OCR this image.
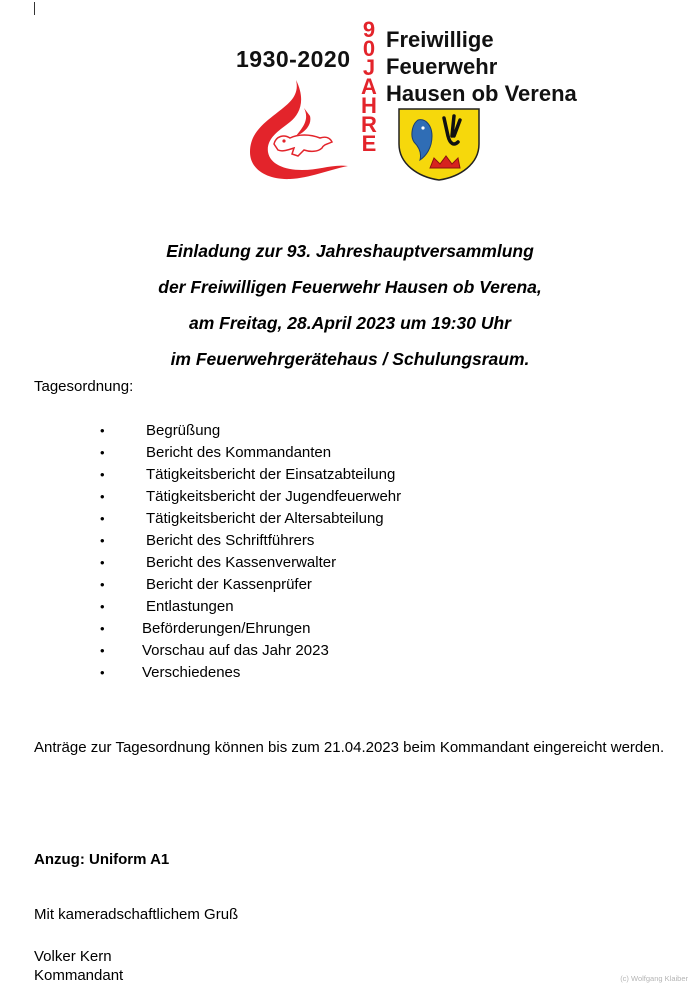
1930-2020
9
0
J
A
H
R
E
Freiwillige
Feuerwehr
Hausen ob Verena
Einladung zur 93. Jahreshauptversammlung
der Freiwilligen Feuerwehr Hausen ob Verena,
am Freitag, 28.April 2023 um 19:30 Uhr
im Feuerwehrgerätehaus / Schulungsraum.
Tagesordnung:
•	Begrüßung
•	Bericht des Kommandanten
•	Tätigkeitsbericht der Einsatzabteilung
•	Tätigkeitsbericht der Jugendfeuerwehr
•	Tätigkeitsbericht der Altersabteilung
•	Bericht des Schriftführers
•	Bericht des Kassenverwalter
•	Bericht der Kassenprüfer
•	Entlastungen
• Beförderungen/Ehrungen
• Vorschau auf das Jahr 2023
• Verschiedenes
Anträge zur Tagesordnung können bis zum 21.04.2023 beim Kommandant eingereicht werden.
Anzug: Uniform A1
Mit kameradschaftlichem Gruß
Volker Kern
Kommandant	(c) Wolfgang Klaiber
